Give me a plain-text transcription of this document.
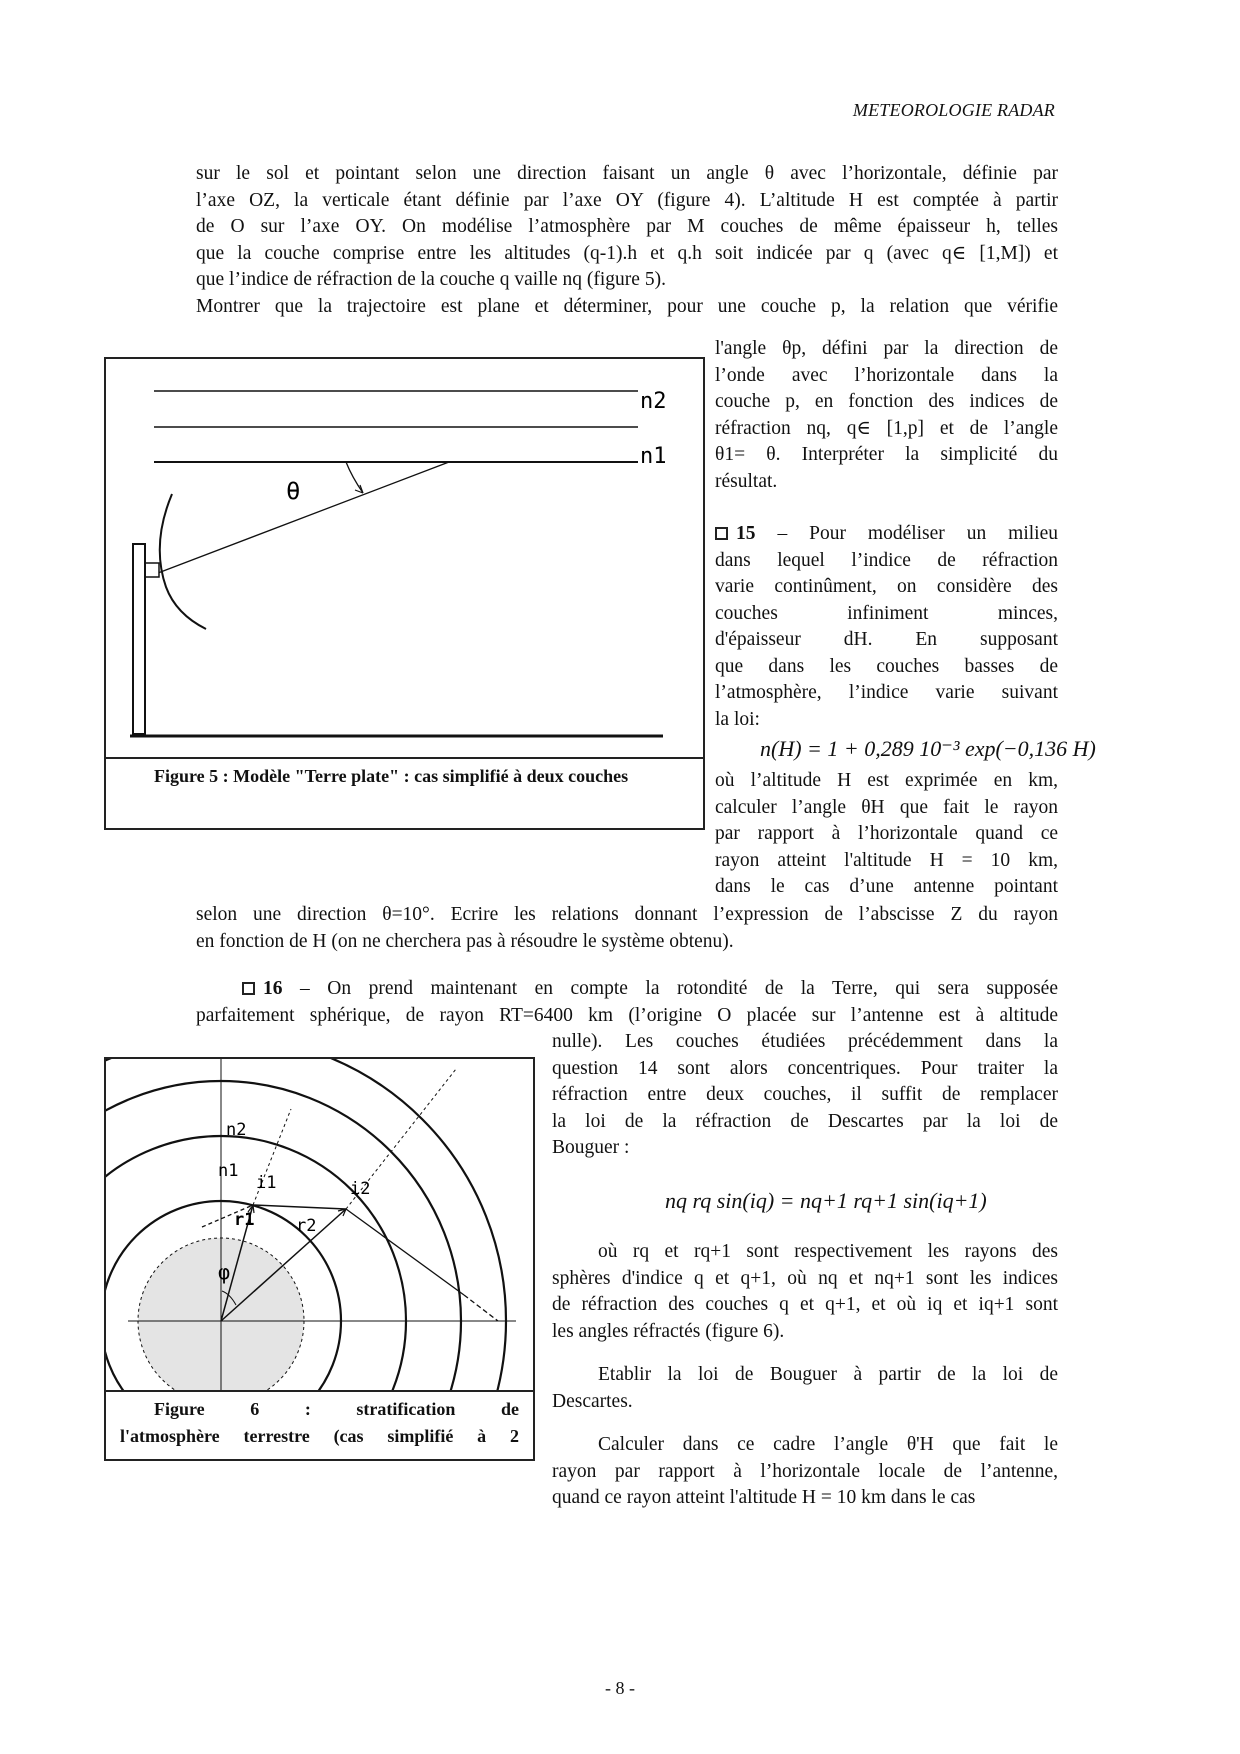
METEOROLOGIE RADAR
sur le sol et pointant selon une direction faisant un angle θ avec l’horizontale, définie par
l’axe OZ, la verticale étant définie par l’axe OY (figure 4). L’altitude H est comptée à partir
de O sur l’axe OY. On modélise l’atmosphère par M couches de même épaisseur h, telles
que la couche comprise entre les altitudes (q-1).h et q.h soit indicée par q (avec q∈ [1,M]) et
que l’indice de réfraction de la couche q vaille nq (figure 5).
Montrer que la trajectoire est plane et déterminer, pour une couche p, la relation que vérifie
l'angle θp, défini par la direction de
l’onde avec l’horizontale dans la
couche p, en fonction des indices de
réfraction nq, q∈ [1,p] et de l’angle
θ1= θ. Interpréter la simplicité du
résultat.
n2
n1
θ
Figure 5 : Modèle "Terre plate" : cas simplifié à deux couches
15 – Pour modéliser un milieu
dans lequel l’indice de réfraction
varie continûment, on considère des
couches infiniment minces,
d'épaisseur dH. En supposant
que dans les couches basses de
l’atmosphère, l’indice varie suivant
la loi:
n(H) = 1 + 0,289 10⁻³ exp(−0,136 H)
où l’altitude H est exprimée en km,
calculer l’angle θH que fait le rayon
par rapport à l’horizontale quand ce
rayon atteint l'altitude H = 10 km,
dans le cas d’une antenne pointant
selon une direction θ=10°. Ecrire les relations donnant l’expression de l’abscisse Z du rayon
en fonction de H (on ne cherchera pas à résoudre le système obtenu).
16 – On prend maintenant en compte la rotondité de la Terre, qui sera supposée
parfaitement sphérique, de rayon RT=6400 km (l’origine O placée sur l’antenne est à altitude
nulle). Les couches étudiées précédemment dans la
question 14 sont alors concentriques. Pour traiter la
réfraction entre deux couches, il suffit de remplacer
la loi de la réfraction de Descartes par la loi de
Bouguer :
nq rq sin(iq) = nq+1 rq+1 sin(iq+1)
où rq et rq+1 sont respectivement les rayons des
sphères d'indice q et q+1, où nq et nq+1 sont les indices
de réfraction des couches q et q+1, et où iq et iq+1 sont
les angles réfractés (figure 6).
Etablir la loi de Bouguer à partir de la loi de
Descartes.
Calculer dans ce cadre l’angle θ'H que fait le
rayon par rapport à l’horizontale locale de l’antenne,
quand ce rayon atteint l'altitude H = 10 km dans le cas
n2
n1
i1	i2
r1 r2
φ
Figure 6 : stratification de
l'atmosphère terrestre (cas simplifié à 2
- 8 -
